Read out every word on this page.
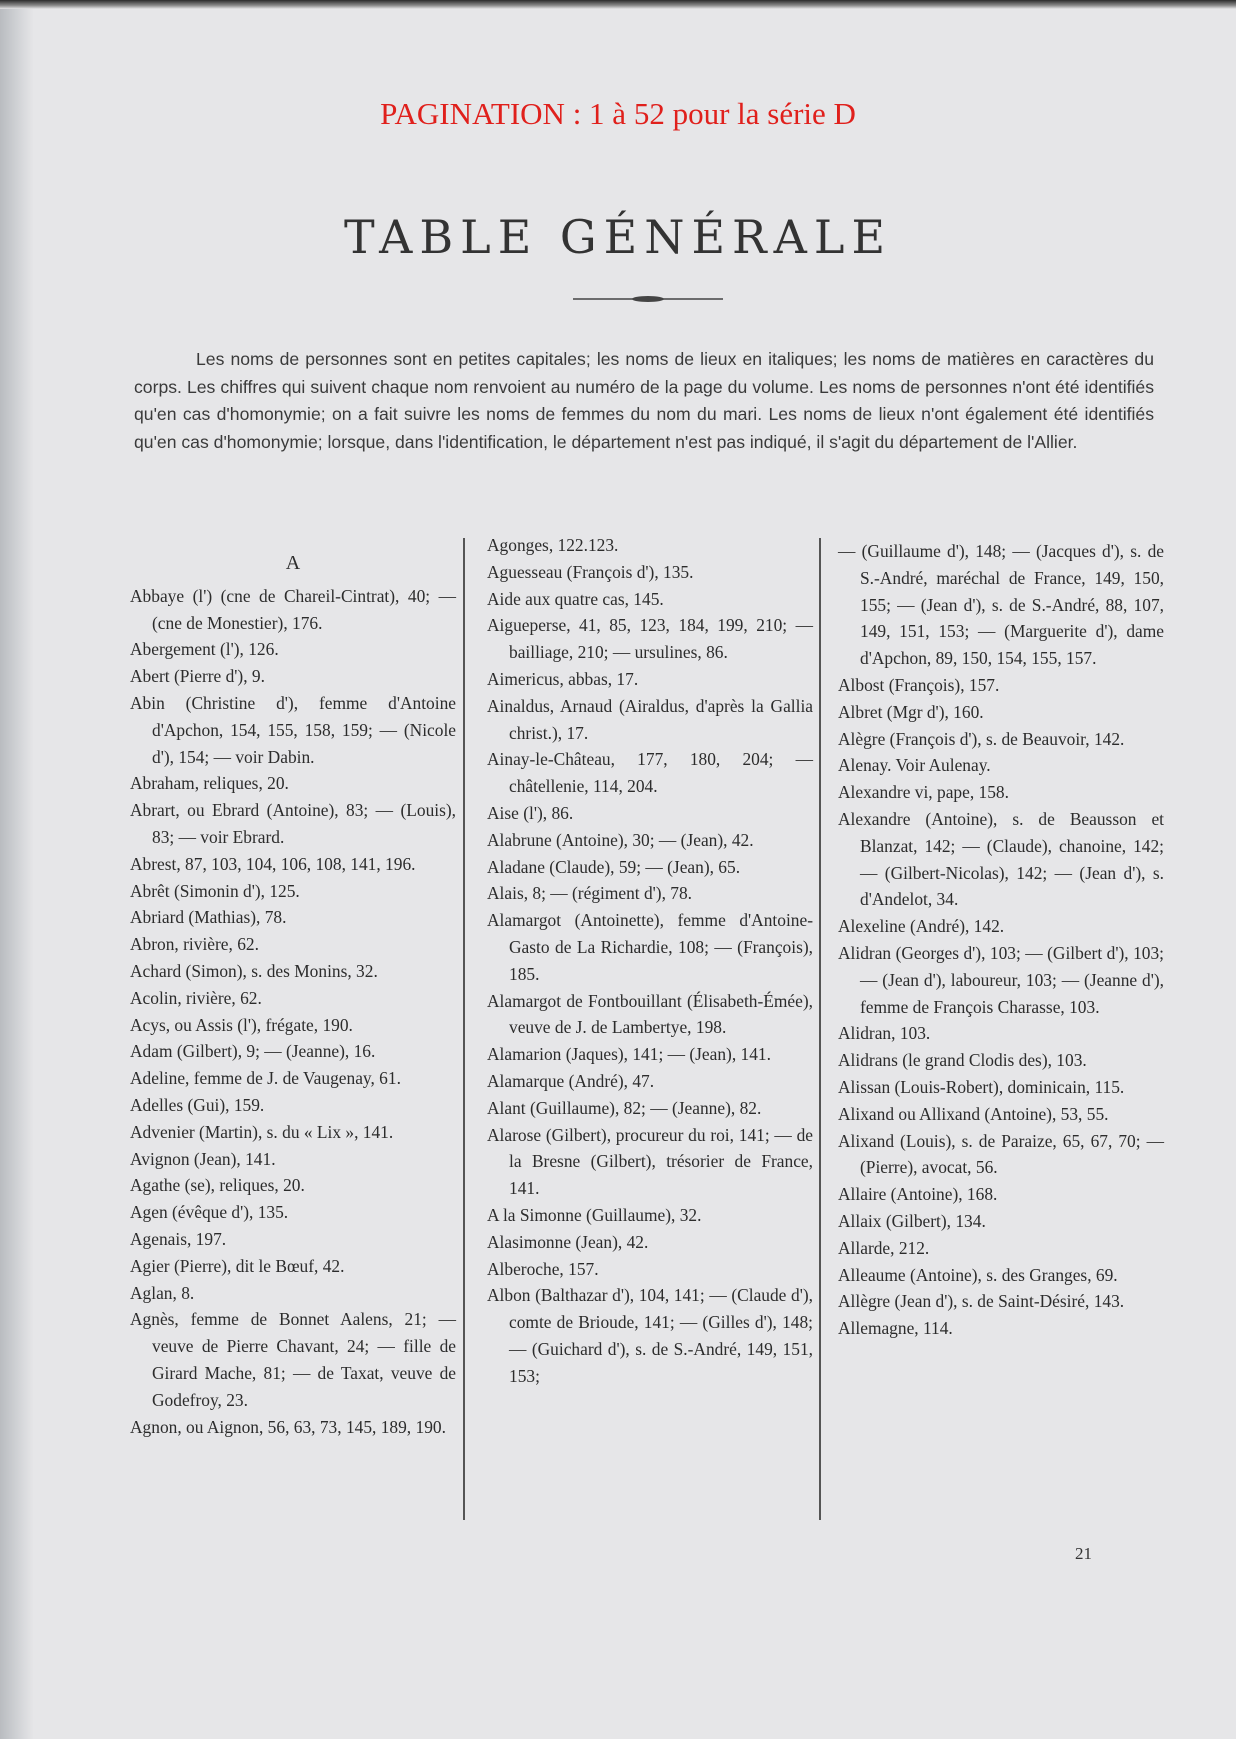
PAGINATION : 1 à 52 pour la série D
TABLE GÉNÉRALE
Les noms de personnes sont en petites capitales; les noms de lieux en italiques; les noms de matières en caractères du corps. Les chiffres qui suivent chaque nom renvoient au numéro de la page du volume. Les noms de personnes n'ont été identifiés qu'en cas d'homonymie; on a fait suivre les noms de femmes du nom du mari. Les noms de lieux n'ont également été identifiés qu'en cas d'homonymie; lorsque, dans l'identification, le département n'est pas indiqué, il s'agit du département de l'Allier.
A
Abbaye (l') (cne de Chareil-Cintrat), 40; — (cne de Monestier), 176.
Abergement (l'), 126.
Abert (Pierre d'), 9.
Abin (Christine d'), femme d'Antoine d'Apchon, 154, 155, 158, 159; — (Nicole d'), 154; — voir Dabin.
Abraham, reliques, 20.
Abrart, ou Ebrard (Antoine), 83; — (Louis), 83; — voir Ebrard.
Abrest, 87, 103, 104, 106, 108, 141, 196.
Abrêt (Simonin d'), 125.
Abriard (Mathias), 78.
Abron, rivière, 62.
Achard (Simon), s. des Monins, 32.
Acolin, rivière, 62.
Acys, ou Assis (l'), frégate, 190.
Adam (Gilbert), 9; — (Jeanne), 16.
Adeline, femme de J. de Vaugenay, 61.
Adelles (Gui), 159.
Advenier (Martin), s. du « Lix », 141.
Avignon (Jean), 141.
Agathe (se), reliques, 20.
Agen (évêque d'), 135.
Agenais, 197.
Agier (Pierre), dit le Bœuf, 42.
Aglan, 8.
Agnès, femme de Bonnet Aalens, 21; — veuve de Pierre Chavant, 24; — fille de Girard Mache, 81; — de Taxat, veuve de Godefroy, 23.
Agnon, ou Aignon, 56, 63, 73, 145, 189, 190.
Agonges, 122.123.
Aguesseau (François d'), 135.
Aide aux quatre cas, 145.
Aigueperse, 41, 85, 123, 184, 199, 210; — bailliage, 210; — ursulines, 86.
Aimericus, abbas, 17.
Ainaldus, Arnaud (Airaldus, d'après la Gallia christ.), 17.
Ainay-le-Château, 177, 180, 204; — châtellenie, 114, 204.
Aise (l'), 86.
Alabrune (Antoine), 30; — (Jean), 42.
Aladane (Claude), 59; — (Jean), 65.
Alais, 8; — (régiment d'), 78.
Alamargot (Antoinette), femme d'Antoine-Gasto de La Richardie, 108; — (François), 185.
Alamargot de Fontbouillant (Élisabeth-Émée), veuve de J. de Lambertye, 198.
Alamarion (Jaques), 141; — (Jean), 141.
Alamarque (André), 47.
Alant (Guillaume), 82; — (Jeanne), 82.
Alarose (Gilbert), procureur du roi, 141; — de la Bresne (Gilbert), trésorier de France, 141.
A la Simonne (Guillaume), 32.
Alasimonne (Jean), 42.
Alberoche, 157.
Albon (Balthazar d'), 104, 141; — (Claude d'), comte de Brioude, 141; — (Gilles d'), 148; — (Guichard d'), s. de S.-André, 149, 151, 153;
— (Guillaume d'), 148; — (Jacques d'), s. de S.-André, maréchal de France, 149, 150, 155; — (Jean d'), s. de S.-André, 88, 107, 149, 151, 153; — (Marguerite d'), dame d'Apchon, 89, 150, 154, 155, 157.
Albost (François), 157.
Albret (Mgr d'), 160.
Alègre (François d'), s. de Beauvoir, 142.
Alenay. Voir Aulenay.
Alexandre vi, pape, 158.
Alexandre (Antoine), s. de Beausson et Blanzat, 142; — (Claude), chanoine, 142; — (Gilbert-Nicolas), 142; — (Jean d'), s. d'Andelot, 34.
Alexeline (André), 142.
Alidran (Georges d'), 103; — (Gilbert d'), 103; — (Jean d'), laboureur, 103; — (Jeanne d'), femme de François Charasse, 103.
Alidran, 103.
Alidrans (le grand Clodis des), 103.
Alissan (Louis-Robert), dominicain, 115.
Alixand ou Allixand (Antoine), 53, 55.
Alixand (Louis), s. de Paraize, 65, 67, 70; — (Pierre), avocat, 56.
Allaire (Antoine), 168.
Allaix (Gilbert), 134.
Allarde, 212.
Alleaume (Antoine), s. des Granges, 69.
Allègre (Jean d'), s. de Saint-Désiré, 143.
Allemagne, 114.
21
